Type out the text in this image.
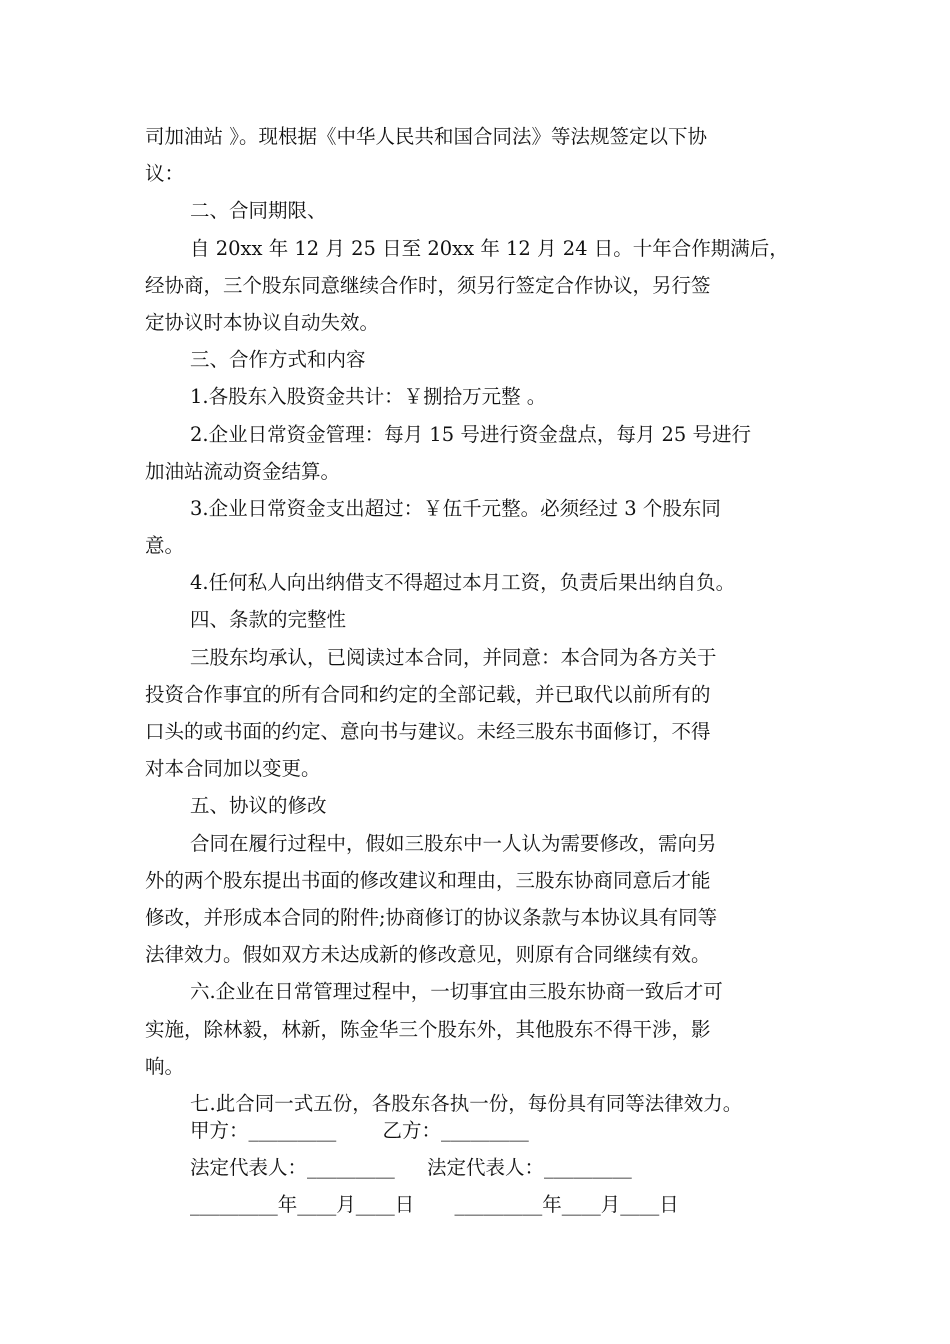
司加油站 》。现根据《中华人民共和国合同法》等法规签定以下协
议：
二、合同期限、
自 20xx 年 12 月 25 日至 20xx 年 12 月 24 日。十年合作期满后，
经协商，三个股东同意继续合作时，须另行签定合作协议，另行签
定协议时本协议自动失效。
三、合作方式和内容
1.各股东入股资金共计：￥捌拾万元整 。
2.企业日常资金管理：每月 15 号进行资金盘点，每月 25 号进行
加油站流动资金结算。
3.企业日常资金支出超过：￥伍千元整。必须经过 3 个股东同
意。
4.任何私人向出纳借支不得超过本月工资，负责后果出纳自负。
四、条款的完整性
三股东均承认，已阅读过本合同，并同意：本合同为各方关于
投资合作事宜的所有合同和约定的全部记载，并已取代以前所有的
口头的或书面的约定、意向书与建议。未经三股东书面修订，不得
对本合同加以变更。
五、协议的修改
合同在履行过程中，假如三股东中一人认为需要修改，需向另
外的两个股东提出书面的修改建议和理由，三股东协商同意后才能
修改，并形成本合同的附件;协商修订的协议条款与本协议具有同等
法律效力。假如双方未达成新的修改意见，则原有合同继续有效。
六.企业在日常管理过程中，一切事宜由三股东协商一致后才可
实施，除林毅，林新，陈金华三个股东外，其他股东不得干涉，影
响。
七.此合同一式五份，各股东各执一份，每份具有同等法律效力。
甲方：_________ 乙方：_________
法定代表人：_________ 法定代表人：_________
_________年____月____日 _________年____月____日
